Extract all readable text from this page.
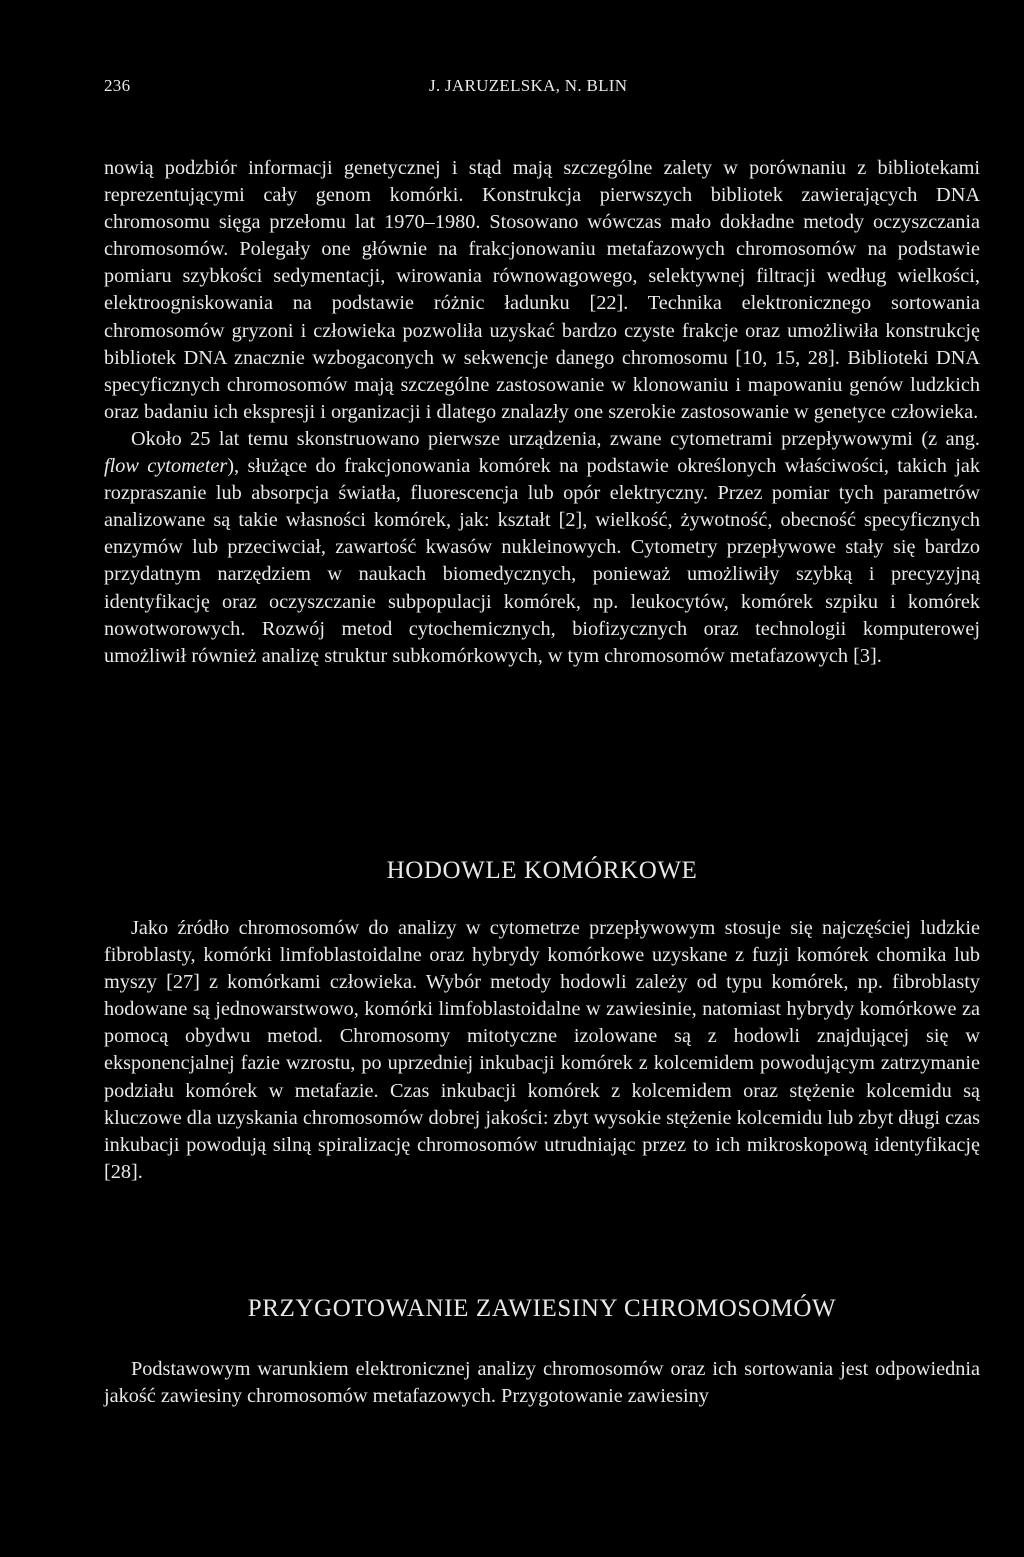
236	J. JARUZELSKA, N. BLIN

nowią podzbiór informacji genetycznej i stąd mają szczególne zalety w porównaniu z bibliotekami reprezentującymi cały genom komórki. Konstrukcja pierwszych bibliotek zawierających DNA chromosomu sięga przełomu lat 1970–1980. Stosowano wówczas mało dokładne metody oczyszczania chromosomów. Polegały one głównie na frakcjonowaniu metafazowych chromosomów na podstawie pomiaru szybkości sedymentacji, wirowania równowagowego, selektywnej filtracji według wielkości, elektroogniskowania na podstawie różnic ładunku [22]. Technika elektronicznego sortowania chromosomów gryzoni i człowieka pozwoliła uzyskać bardzo czyste frakcje oraz umożliwiła konstrukcję bibliotek DNA znacznie wzbogaconych w sekwencje danego chromosomu [10, 15, 28]. Biblioteki DNA specyficznych chromosomów mają szczególne zastosowanie w klonowaniu i mapowaniu genów ludzkich oraz badaniu ich ekspresji i organizacji i dlatego znalazły one szerokie zastosowanie w genetyce człowieka.

Około 25 lat temu skonstruowano pierwsze urządzenia, zwane cytometrami przepływowymi (z ang. flow cytometer), służące do frakcjonowania komórek na podstawie określonych właściwości, takich jak rozpraszanie lub absorpcja światła, fluorescencja lub opór elektryczny. Przez pomiar tych parametrów analizowane są takie własności komórek, jak: kształt [2], wielkość, żywotność, obecność specyficznych enzymów lub przeciwciał, zawartość kwasów nukleinowych. Cytometry przepływowe stały się bardzo przydatnym narzędziem w naukach biomedycznych, ponieważ umożliwiły szybką i precyzyjną identyfikację oraz oczyszczanie subpopulacji komórek, np. leukocytów, komórek szpiku i komórek nowotworowych. Rozwój metod cytochemicznych, biofizycznych oraz technologii komputerowej umożliwił również analizę struktur subkomórkowych, w tym chromosomów metafazowych [3].

HODOWLE KOMÓRKOWE

Jako źródło chromosomów do analizy w cytometrze przepływowym stosuje się najczęściej ludzkie fibroblasty, komórki limfoblastoidalne oraz hybrydy komórkowe uzyskane z fuzji komórek chomika lub myszy [27] z komórkami człowieka. Wybór metody hodowli zależy od typu komórek, np. fibroblasty hodowane są jednowarstwowo, komórki limfoblastoidalne w zawiesinie, natomiast hybrydy komórkowe za pomocą obydwu metod. Chromosomy mitotyczne izolowane są z hodowli znajdującej się w eksponencjalnej fazie wzrostu, po uprzedniej inkubacji komórek z kolcemidem powodującym zatrzymanie podziału komórek w metafazie. Czas inkubacji komórek z kolcemidem oraz stężenie kolcemidu są kluczowe dla uzyskania chromosomów dobrej jakości: zbyt wysokie stężenie kolcemidu lub zbyt długi czas inkubacji powodują silną spiralizację chromosomów utrudniając przez to ich mikroskopową identyfikację [28].

PRZYGOTOWANIE ZAWIESINY CHROMOSOMÓW

Podstawowym warunkiem elektronicznej analizy chromosomów oraz ich sortowania jest odpowiednia jakość zawiesiny chromosomów metafazowych. Przygotowanie zawiesiny
